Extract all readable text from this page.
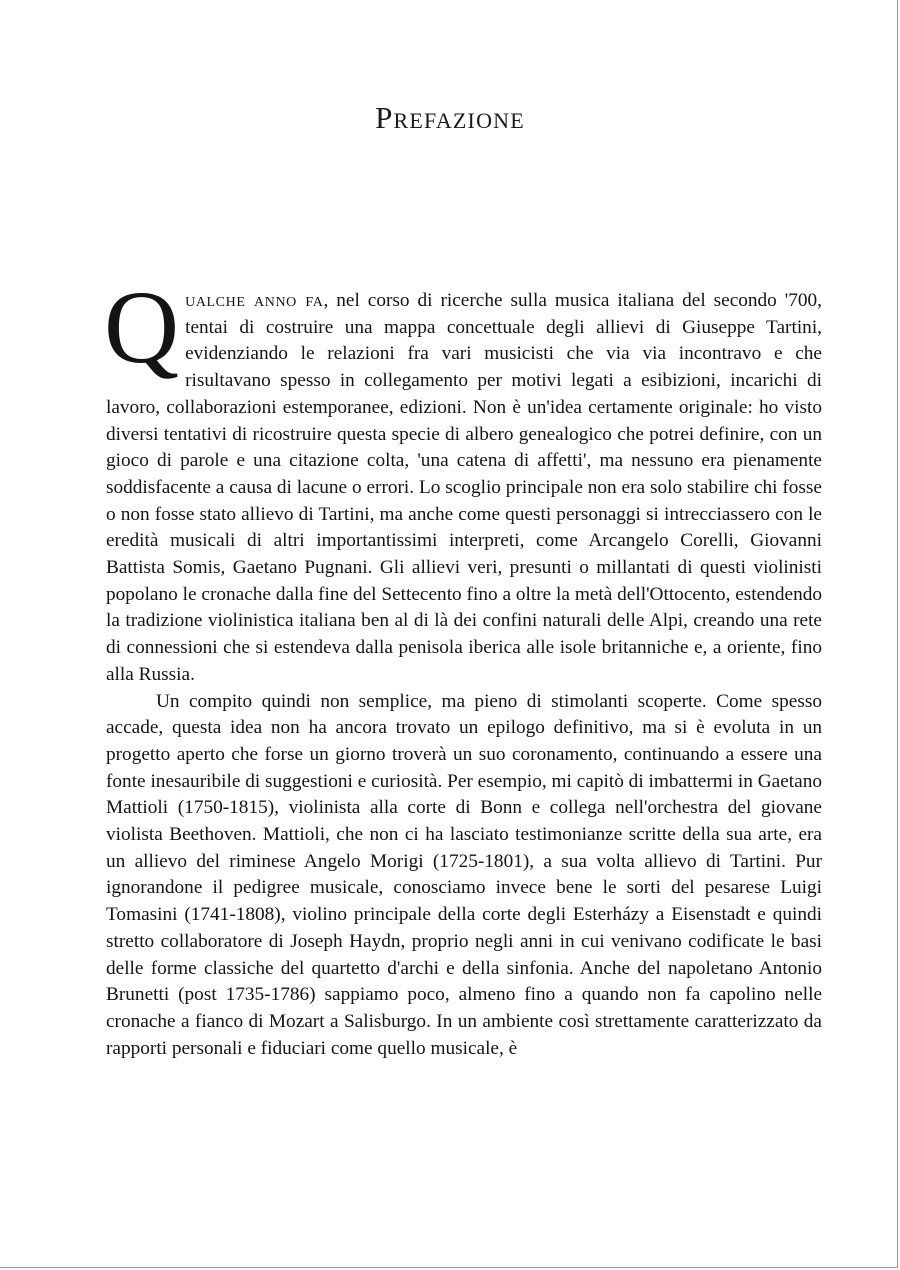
Prefazione

Qualche anno fa, nel corso di ricerche sulla musica italiana del secondo '700, tentai di costruire una mappa concettuale degli allievi di Giuseppe Tartini, evidenziando le relazioni fra vari musicisti che via via incontravo e che risultavano spesso in collegamento per motivi legati a esibizioni, incarichi di lavoro, collaborazioni estemporanee, edizioni. Non è un'idea certamente originale: ho visto diversi tentativi di ricostruire questa specie di albero genealogico che potrei definire, con un gioco di parole e una citazione colta, 'una catena di affetti', ma nessuno era pienamente soddisfacente a causa di lacune o errori. Lo scoglio principale non era solo stabilire chi fosse o non fosse stato allievo di Tartini, ma anche come questi personaggi si intrecciassero con le eredità musicali di altri importantissimi interpreti, come Arcangelo Corelli, Giovanni Battista Somis, Gaetano Pugnani. Gli allievi veri, presunti o millantati di questi violinisti popolano le cronache dalla fine del Settecento fino a oltre la metà dell'Ottocento, estendendo la tradizione violinistica italiana ben al di là dei confini naturali delle Alpi, creando una rete di connessioni che si estendeva dalla penisola iberica alle isole britanniche e, a oriente, fino alla Russia.

Un compito quindi non semplice, ma pieno di stimolanti scoperte. Come spesso accade, questa idea non ha ancora trovato un epilogo definitivo, ma si è evoluta in un progetto aperto che forse un giorno troverà un suo coronamento, continuando a essere una fonte inesauribile di suggestioni e curiosità. Per esempio, mi capitò di imbattermi in Gaetano Mattioli (1750-1815), violinista alla corte di Bonn e collega nell'orchestra del giovane violista Beethoven. Mattioli, che non ci ha lasciato testimonianze scritte della sua arte, era un allievo del riminese Angelo Morigi (1725-1801), a sua volta allievo di Tartini. Pur ignorandone il pedigree musicale, conosciamo invece bene le sorti del pesarese Luigi Tomasini (1741-1808), violino principale della corte degli Esterházy a Eisenstadt e quindi stretto collaboratore di Joseph Haydn, proprio negli anni in cui venivano codificate le basi delle forme classiche del quartetto d'archi e della sinfonia. Anche del napoletano Antonio Brunetti (post 1735-1786) sappiamo poco, almeno fino a quando non fa capolino nelle cronache a fianco di Mozart a Salisburgo. In un ambiente così strettamente caratterizzato da rapporti personali e fiduciari come quello musicale, è
